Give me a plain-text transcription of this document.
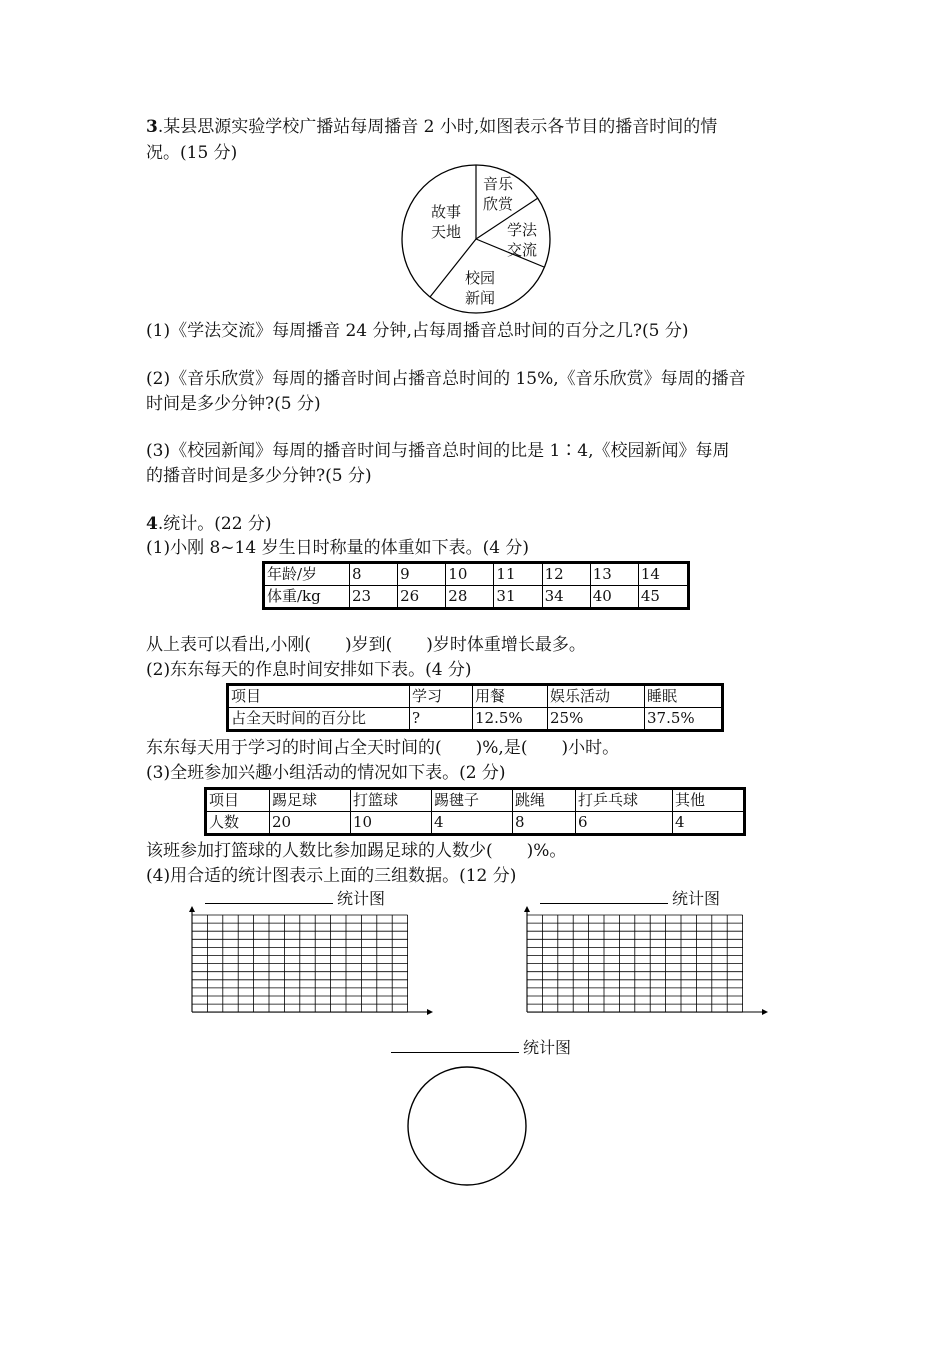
3.某县思源实验学校广播站每周播音 2 小时,如图表示各节目的播音时间的情
况。(15 分)
故事
天地
音乐
欣赏
学法
交流
校园
新闻
(1)《学法交流》每周播音 24 分钟,占每周播音总时间的百分之几?(5 分)
(2)《音乐欣赏》每周的播音时间占播音总时间的 15%,《音乐欣赏》每周的播音
时间是多少分钟?(5 分)
(3)《校园新闻》每周的播音时间与播音总时间的比是 1∶4,《校园新闻》每周
的播音时间是多少分钟?(5 分)
4.统计。(22 分)
(1)小刚 8~14 岁生日时称量的体重如下表。(4 分)
年龄/岁	8	9	10	11	12	13	14
体重/kg	23	26	28	31	34	40	45
从上表可以看出,小刚(　　)岁到(　　)岁时体重增长最多。
(2)东东每天的作息时间安排如下表。(4 分)
项目	学习	用餐	娱乐活动	睡眠
占全天时间的百分比	?	12.5%	25%	37.5%
东东每天用于学习的时间占全天时间的(　　)%,是(　　)小时。
(3)全班参加兴趣小组活动的情况如下表。(2 分)
项目	踢足球	打篮球	踢毽子	跳绳	打乒乓球	其他
人数	20	10	4	8	6	4
该班参加打篮球的人数比参加踢足球的人数少(　　)%。
(4)用合适的统计图表示上面的三组数据。(12 分)
统计图	统计图
统计图
